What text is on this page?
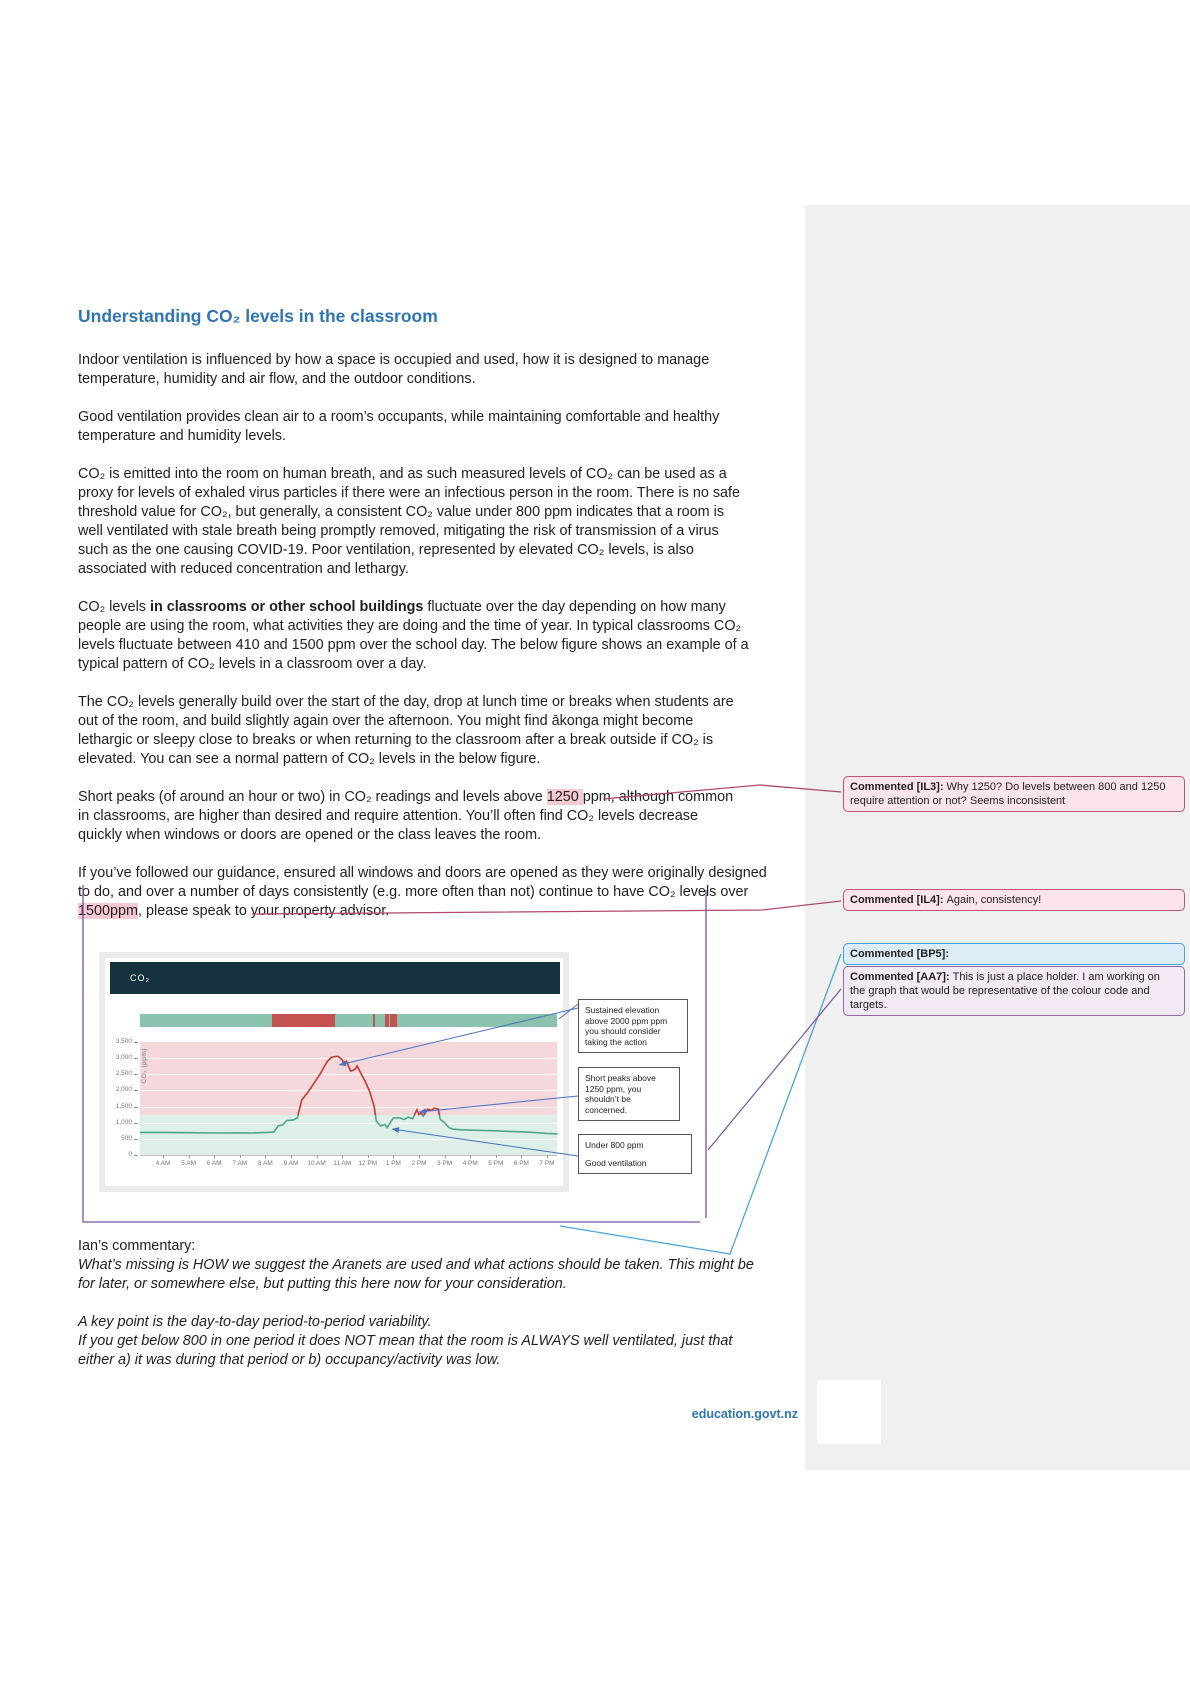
Understanding CO₂ levels in the classroom

Indoor ventilation is influenced by how a space is occupied and used, how it is designed to manage temperature, humidity and air flow, and the outdoor conditions.

Good ventilation provides clean air to a room’s occupants, while maintaining comfortable and healthy temperature and humidity levels.

CO₂ is emitted into the room on human breath, and as such measured levels of CO₂ can be used as a proxy for levels of exhaled virus particles if there were an infectious person in the room. There is no safe threshold value for CO₂, but generally, a consistent CO₂ value under 800 ppm indicates that a room is well ventilated with stale breath being promptly removed, mitigating the risk of transmission of a virus such as the one causing COVID-19. Poor ventilation, represented by elevated CO₂ levels, is also associated with reduced concentration and lethargy.

CO₂ levels in classrooms or other school buildings fluctuate over the day depending on how many people are using the room, what activities they are doing and the time of year. In typical classrooms CO₂ levels fluctuate between 410 and 1500 ppm over the school day. The below figure shows an example of a typical pattern of CO₂ levels in a classroom over a day.

The CO₂ levels generally build over the start of the day, drop at lunch time or breaks when students are out of the room, and build slightly again over the afternoon. You might find ākonga might become lethargic or sleepy close to breaks or when returning to the classroom after a break outside if CO₂ is elevated. You can see a normal pattern of CO₂ levels in the below figure.

Short peaks (of around an hour or two) in CO₂ readings and levels above 1250 ppm, although common in classrooms, are higher than desired and require attention. You’ll often find CO₂ levels decrease quickly when windows or doors are opened or the class leaves the room.

If you’ve followed our guidance, ensured all windows and doors are opened as they were originally designed to do, and over a number of days consistently (e.g. more often than not) continue to have CO₂ levels over 1500ppm, please speak to your property advisor.

CO₂
3,500
3,000
2,500
2,000
1,500
1,000
500
0
CO₂ (ppm)
4 AM	5 AM	6 AM	7 AM	8 AM	9 AM	10 AM	11 AM	12 PM	1 PM	2 PM	3 PM	4 PM	5 PM	6 PM	7 PM
Sustained elevation above 2000 ppm ppm you should consider taking the action
Short peaks above 1250 ppm, you shouldn’t be concerned.
Under 800 ppm
Good ventilation
Commented [IL3]: Why 1250? Do levels between 800 and 1250 require attention or not? Seems inconsistent
Commented [IL4]: Again, consistency!
Commented [BP5]:
Commented [AA7]: This is just a place holder. I am working on the graph that would be representative of the colour code and targets.

Ian’s commentary:

What’s missing is HOW we suggest the Aranets are used and what actions should be taken. This might be for later, or somewhere else, but putting this here now for your consideration.

A key point is the day-to-day period-to-period variability.

If you get below 800 in one period it does NOT mean that the room is ALWAYS well ventilated, just that either a) it was during that period or b) occupancy/activity was low.

education.govt.nz
